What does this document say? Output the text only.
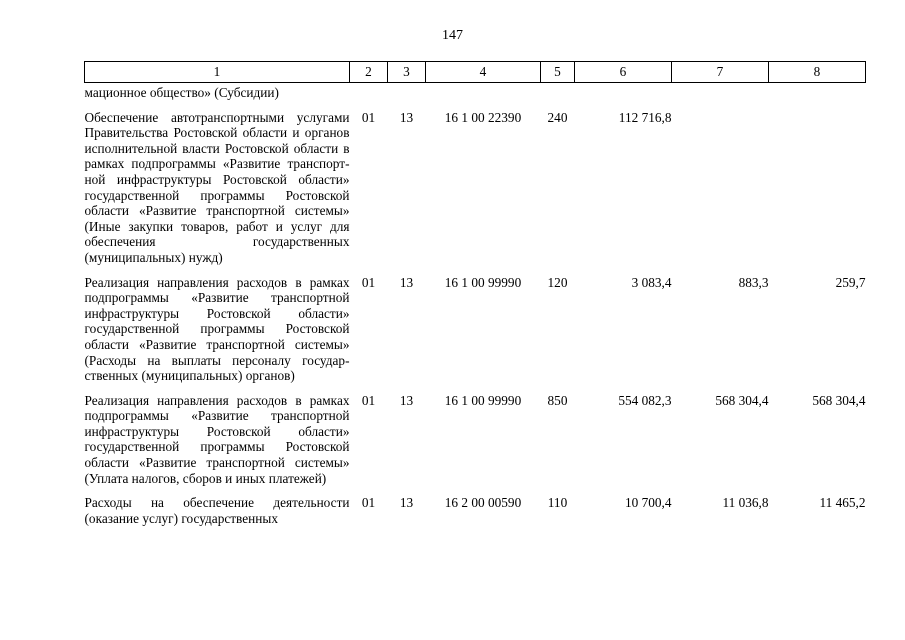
147
1	2	3	4	5	6	7	8
мационное общество» (Субсидии)							
Обеспечение автотранспортными услугами Правительства Ростовской области и органов исполнительной власти Ростовской области в рамках подпрограммы «Развитие транспортной инфраструктуры Ростовской области» государственной программы Ростовской области «Развитие транспортной системы» (Иные закупки товаров, работ и услуг для обеспечения государственных (муниципальных) нужд)	01	13	16 1 00 22390	240	112 716,8		
Реализация направления расходов в рамках подпрограммы «Развитие транспортной инфраструктуры Ростовской области» государственной программы Ростовской области «Развитие транспортной системы» (Расходы на выплаты персоналу государственных (муниципальных) органов)	01	13	16 1 00 99990	120	3 083,4	883,3	259,7
Реализация направления расходов в рамках подпрограммы «Развитие транспортной инфраструктуры Ростовской области» государственной программы Ростовской области «Развитие транспортной системы» (Уплата налогов, сборов и иных платежей)	01	13	16 1 00 99990	850	554 082,3	568 304,4	568 304,4
Расходы на обеспечение деятельности (оказание услуг) государственных	01	13	16 2 00 00590	110	10 700,4	11 036,8	11 465,2
